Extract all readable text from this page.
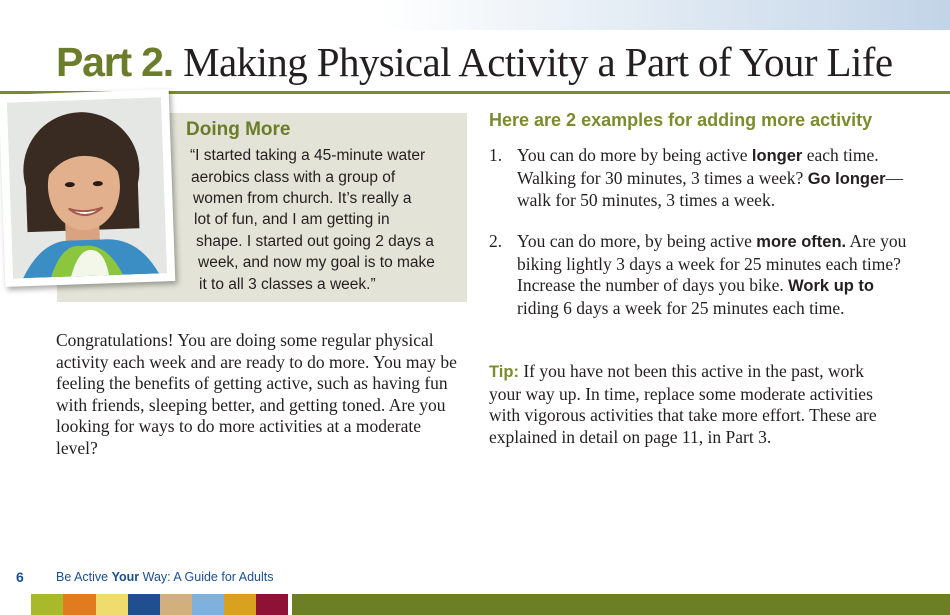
Part 2. Making Physical Activity a Part of Your Life
Doing More
“I started taking a 45-minute water
aerobics class with a group of
women from church. It’s really a
lot of fun, and I am getting in
shape. I started out going 2 days a
week, and now my goal is to make
it to all 3 classes a week.”
Congratulations! You are doing some regular physical activity each week and are ready to do more. You may be feeling the benefits of getting active, such as having fun with friends, sleeping better, and getting toned. Are you looking for ways to do more activities at a moderate level?
Here are 2 examples for adding more activity
1. You can do more by being active longer each time. Walking for 30 minutes, 3 times a week? Go longer—walk for 50 minutes, 3 times a week.
2. You can do more, by being active more often. Are you biking lightly 3 days a week for 25 minutes each time? Increase the number of days you bike. Work up to riding 6 days a week for 25 minutes each time.
Tip: If you have not been this active in the past, work your way up. In time, replace some moderate activities with vigorous activities that take more effort. These are explained in detail on page 11, in Part 3.
6	Be Active Your Way: A Guide for Adults
